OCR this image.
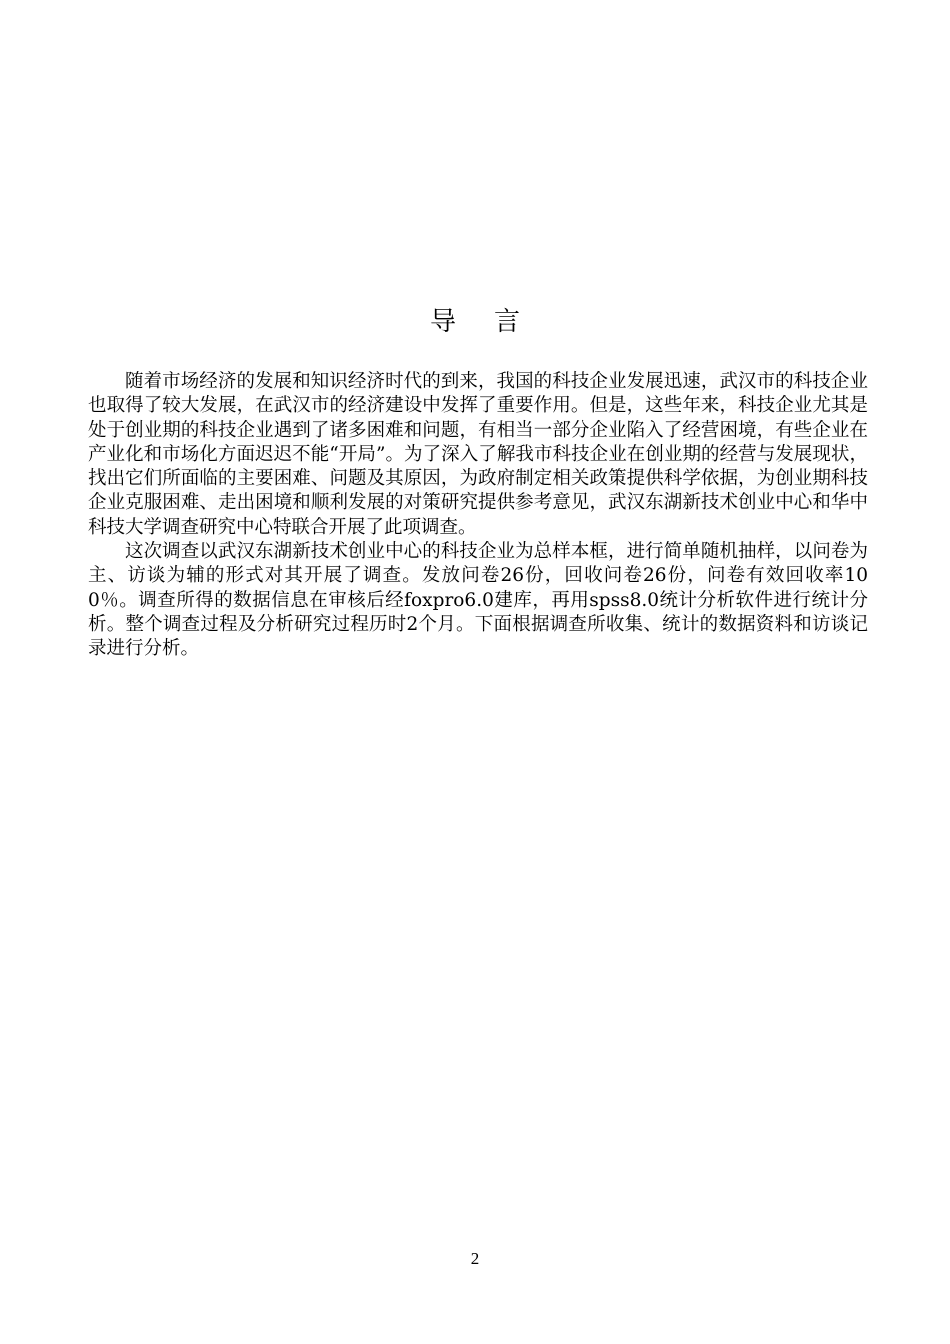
导言

随着市场经济的发展和知识经济时代的到来，我国的科技企业发展迅速，武汉市的科技企业也取得了较大发展，在武汉市的经济建设中发挥了重要作用。但是，这些年来，科技企业尤其是处于创业期的科技企业遇到了诸多困难和问题，有相当一部分企业陷入了经营困境，有些企业在产业化和市场化方面迟迟不能“开局”。为了深入了解我市科技企业在创业期的经营与发展现状，找出它们所面临的主要困难、问题及其原因，为政府制定相关政策提供科学依据，为创业期科技企业克服困难、走出困境和顺利发展的对策研究提供参考意见，武汉东湖新技术创业中心和华中科技大学调查研究中心特联合开展了此项调查。

这次调查以武汉东湖新技术创业中心的科技企业为总样本框，进行简单随机抽样，以问卷为主、访谈为辅的形式对其开展了调查。发放问卷26份，回收问卷26份，问卷有效回收率100％。调查所得的数据信息在审核后经foxpro6.0建库，再用spss8.0统计分析软件进行统计分析。整个调查过程及分析研究过程历时2个月。下面根据调查所收集、统计的数据资料和访谈记录进行分析。

2
